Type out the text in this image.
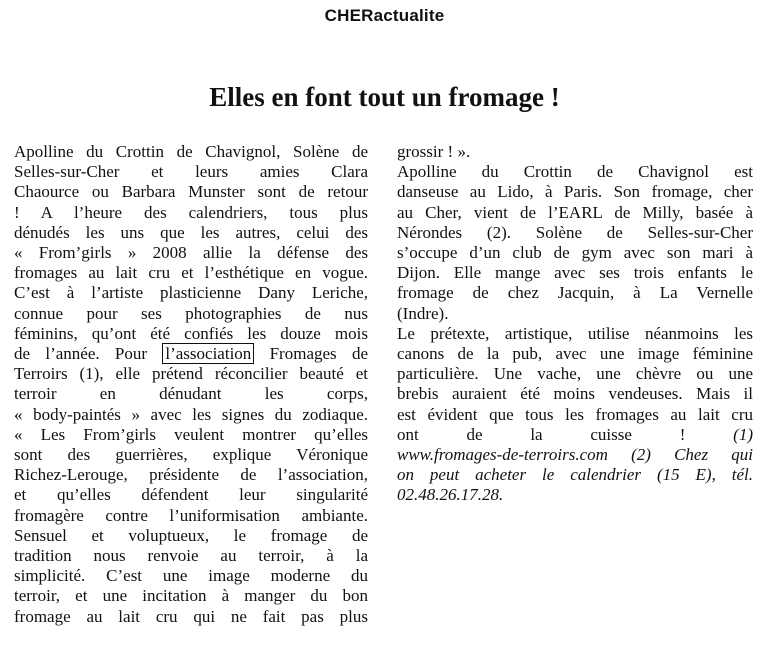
CHERactualite
Elles en font tout un fromage !

Apolline du Crottin de Chavignol, Solène de

Selles-sur-Cher et leurs amies Clara

Chaource ou Barbara Munster sont de retour

! A l’heure des calendriers, tous plus

dénudés les uns que les autres, celui des

« From’girls » 2008 allie la défense des

fromages au lait cru et l’esthétique en vogue.

C’est à l’artiste plasticienne Dany Leriche,

connue pour ses photographies de nus

féminins, qu’ont été confiés les douze mois

de l’année. Pour l’association Fromages de

Terroirs (1), elle prétend réconcilier beauté et

terroir en dénudant les corps,

« body-paintés » avec les signes du zodiaque.

« Les From’girls veulent montrer qu’elles

sont des guerrières, explique Véronique

Richez-Lerouge, présidente de l’association,

et qu’elles défendent leur singularité

fromagère contre l’uniformisation ambiante.

Sensuel et voluptueux, le fromage de

tradition nous renvoie au terroir, à la

simplicité. C’est une image moderne du

terroir, et une incitation à manger du bon

fromage au lait cru qui ne fait pas plus

grossir ! ».

Apolline du Crottin de Chavignol est

danseuse au Lido, à Paris. Son fromage, cher

au Cher, vient de l’EARL de Milly, basée à

Nérondes (2). Solène de Selles-sur-Cher

s’occupe d’un club de gym avec son mari à

Dijon. Elle mange avec ses trois enfants le

fromage de chez Jacquin, à La Vernelle

(Indre).

Le prétexte, artistique, utilise néanmoins les

canons de la pub, avec une image féminine

particulière. Une vache, une chèvre ou une

brebis auraient été moins vendeuses. Mais il

est évident que tous les fromages au lait cru

ont de la cuisse ! (1)

www.fromages-de-terroirs.com (2) Chez qui

on peut acheter le calendrier (15 E), tél.

02.48.26.17.28.
